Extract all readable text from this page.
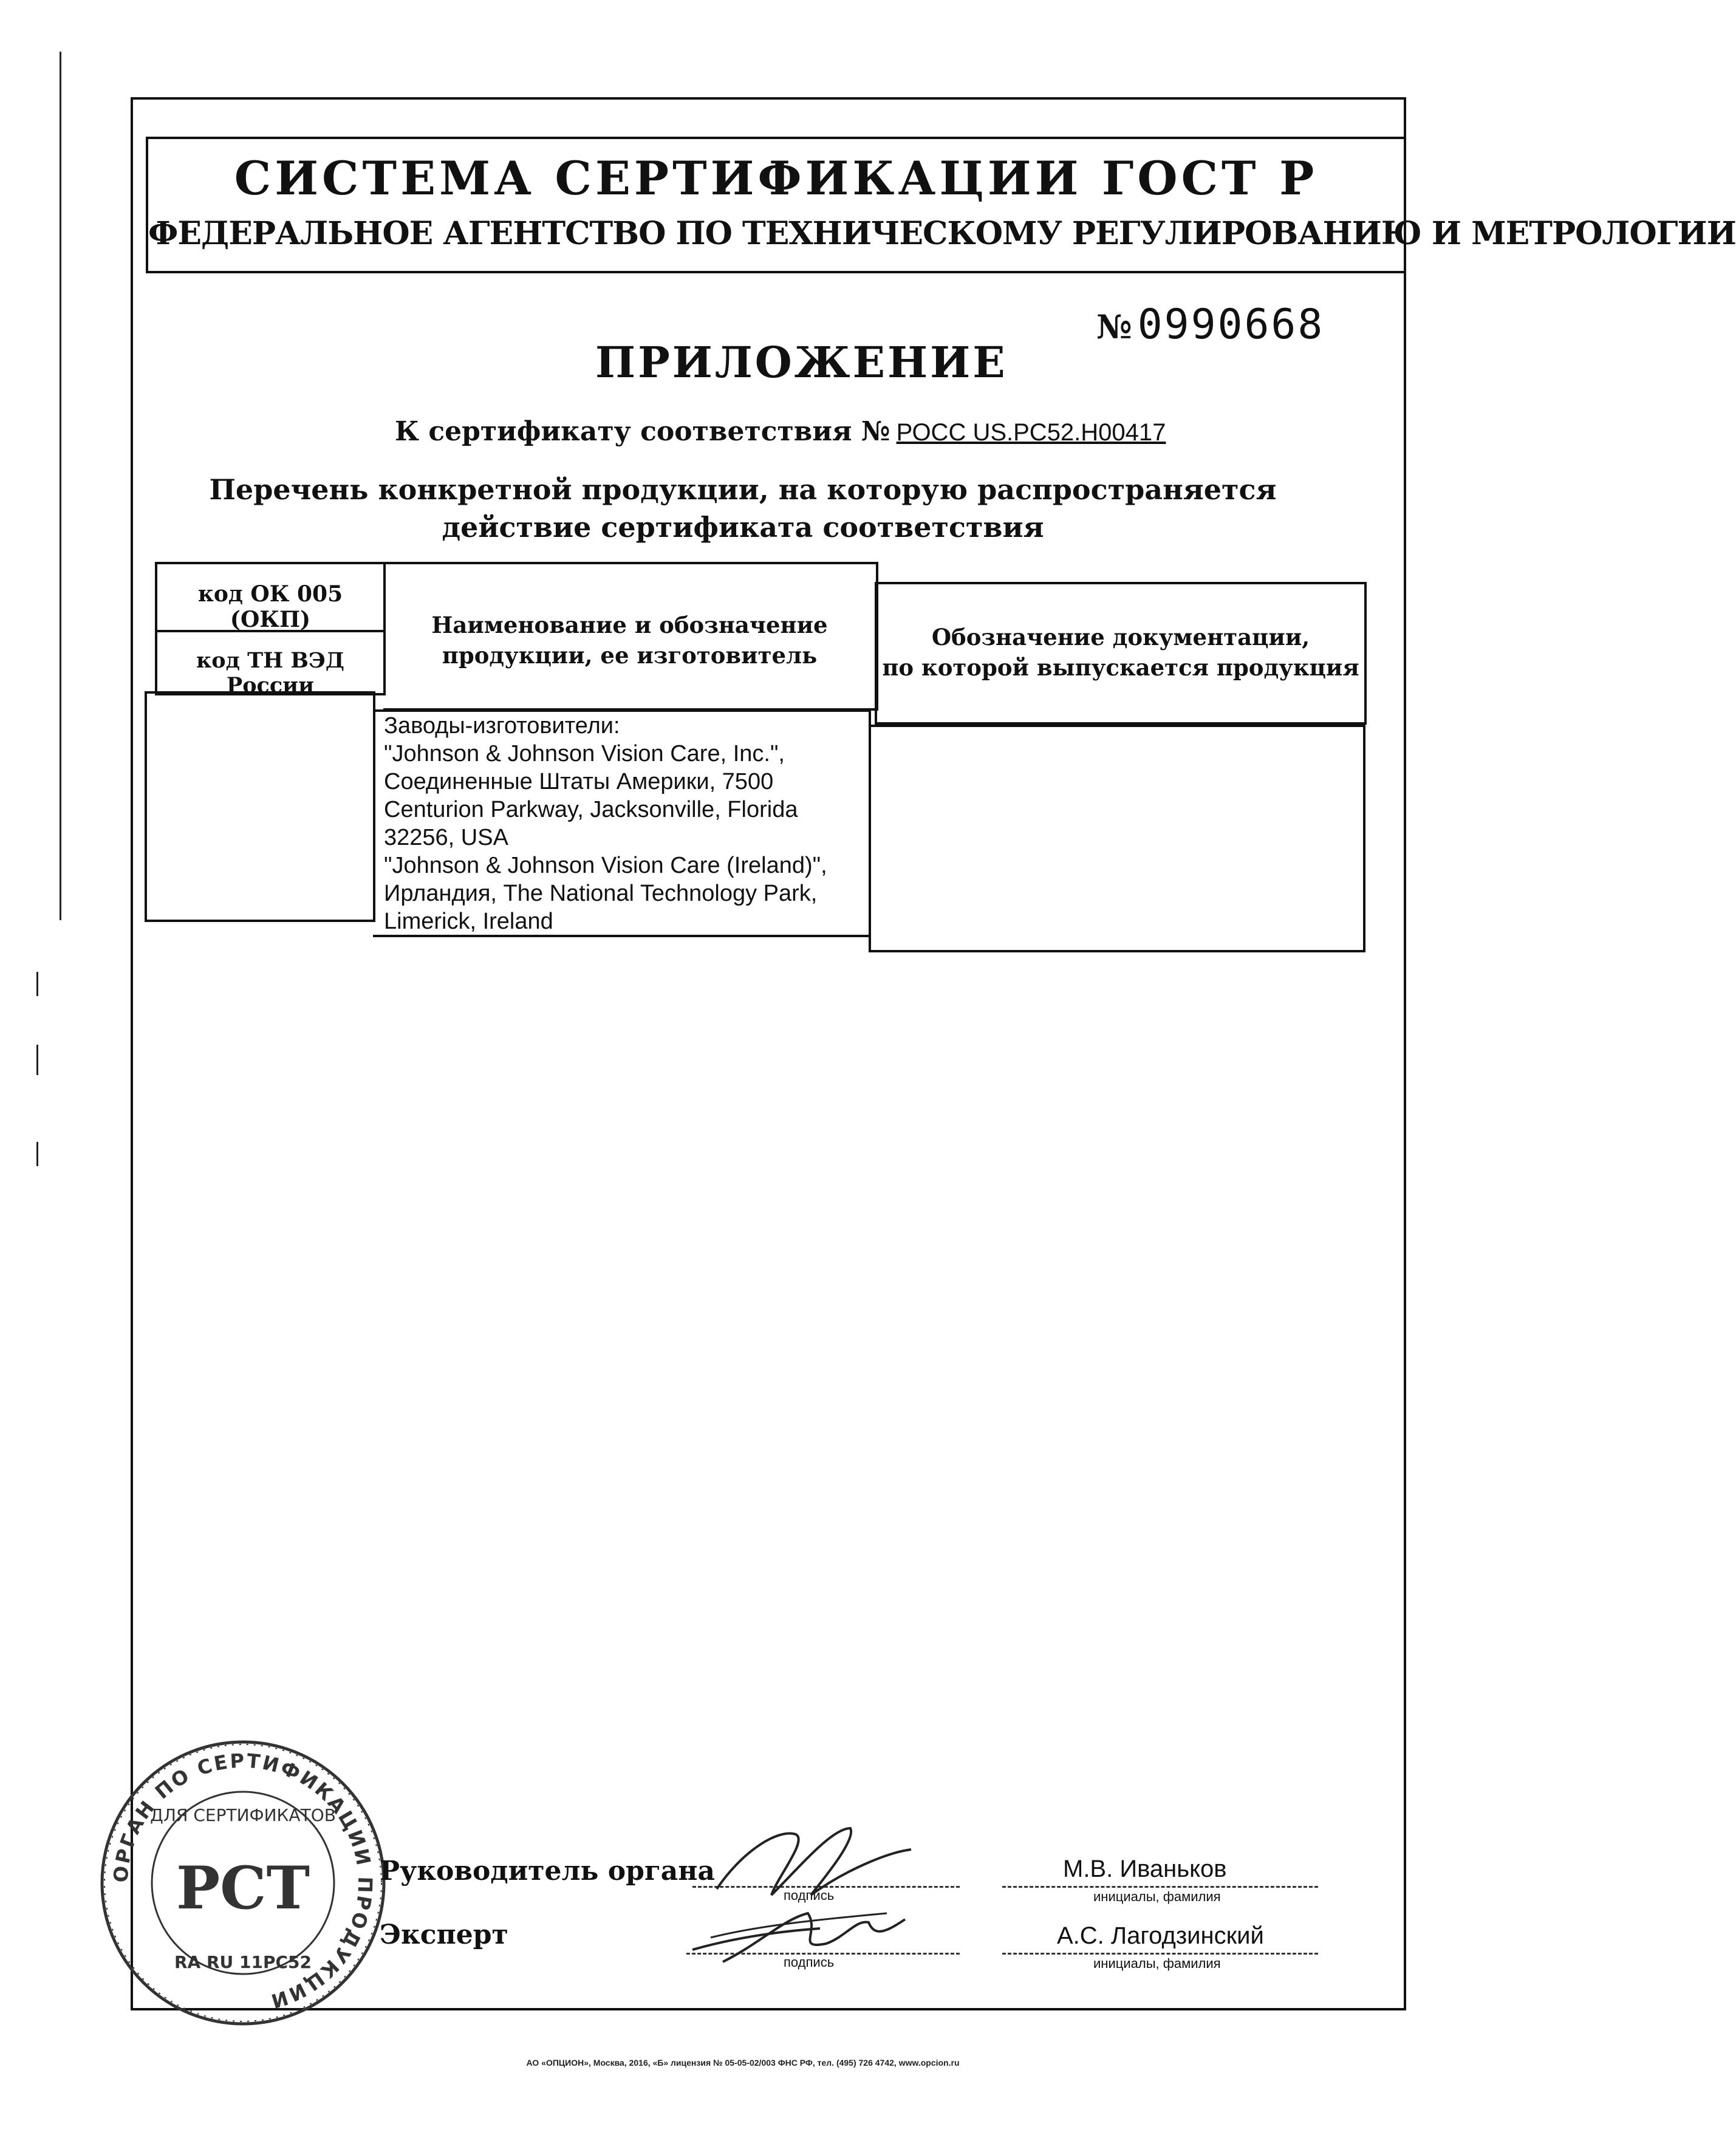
СИСТЕМА СЕРТИФИКАЦИИ ГОСТ Р
ФЕДЕРАЛЬНОЕ АГЕНТСТВО ПО ТЕХНИЧЕСКОМУ РЕГУЛИРОВАНИЮ И МЕТРОЛОГИИ
№0990668
ПРИЛОЖЕНИЕ
К сертификату соответствия № РОСС US.PC52.H00417
Перечень конкретной продукции, на которую распространяется
действие сертификата соответствия
код ОК 005 (ОКП)
код ТН ВЭД России
Наименование и обозначение
продукции, ее изготовитель
Обозначение документации,
по которой выпускается продукция
Заводы-изготовители:
"Johnson & Johnson Vision Care, Inc.",
Соединенные Штаты Америки, 7500
Centurion Parkway, Jacksonville, Florida
32256, USA
"Johnson & Johnson Vision Care (Ireland)",
Ирландия, The National Technology Park,
Limerick, Ireland
ОРГАН ПО СЕРТИФИКАЦИИ ПРОДУКЦИИ
ДЛЯ СЕРТИФИКАТОВ
РСТ
RA RU 11PC52
Руководитель органа
подпись
М.В. Иваньков
инициалы, фамилия
Эксперт
подпись
А.С. Лагодзинский
инициалы, фамилия
АО «ОПЦИОН», Москва, 2016, «Б» лицензия № 05-05-02/003 ФНС РФ, тел. (495) 726 4742, www.opcion.ru
